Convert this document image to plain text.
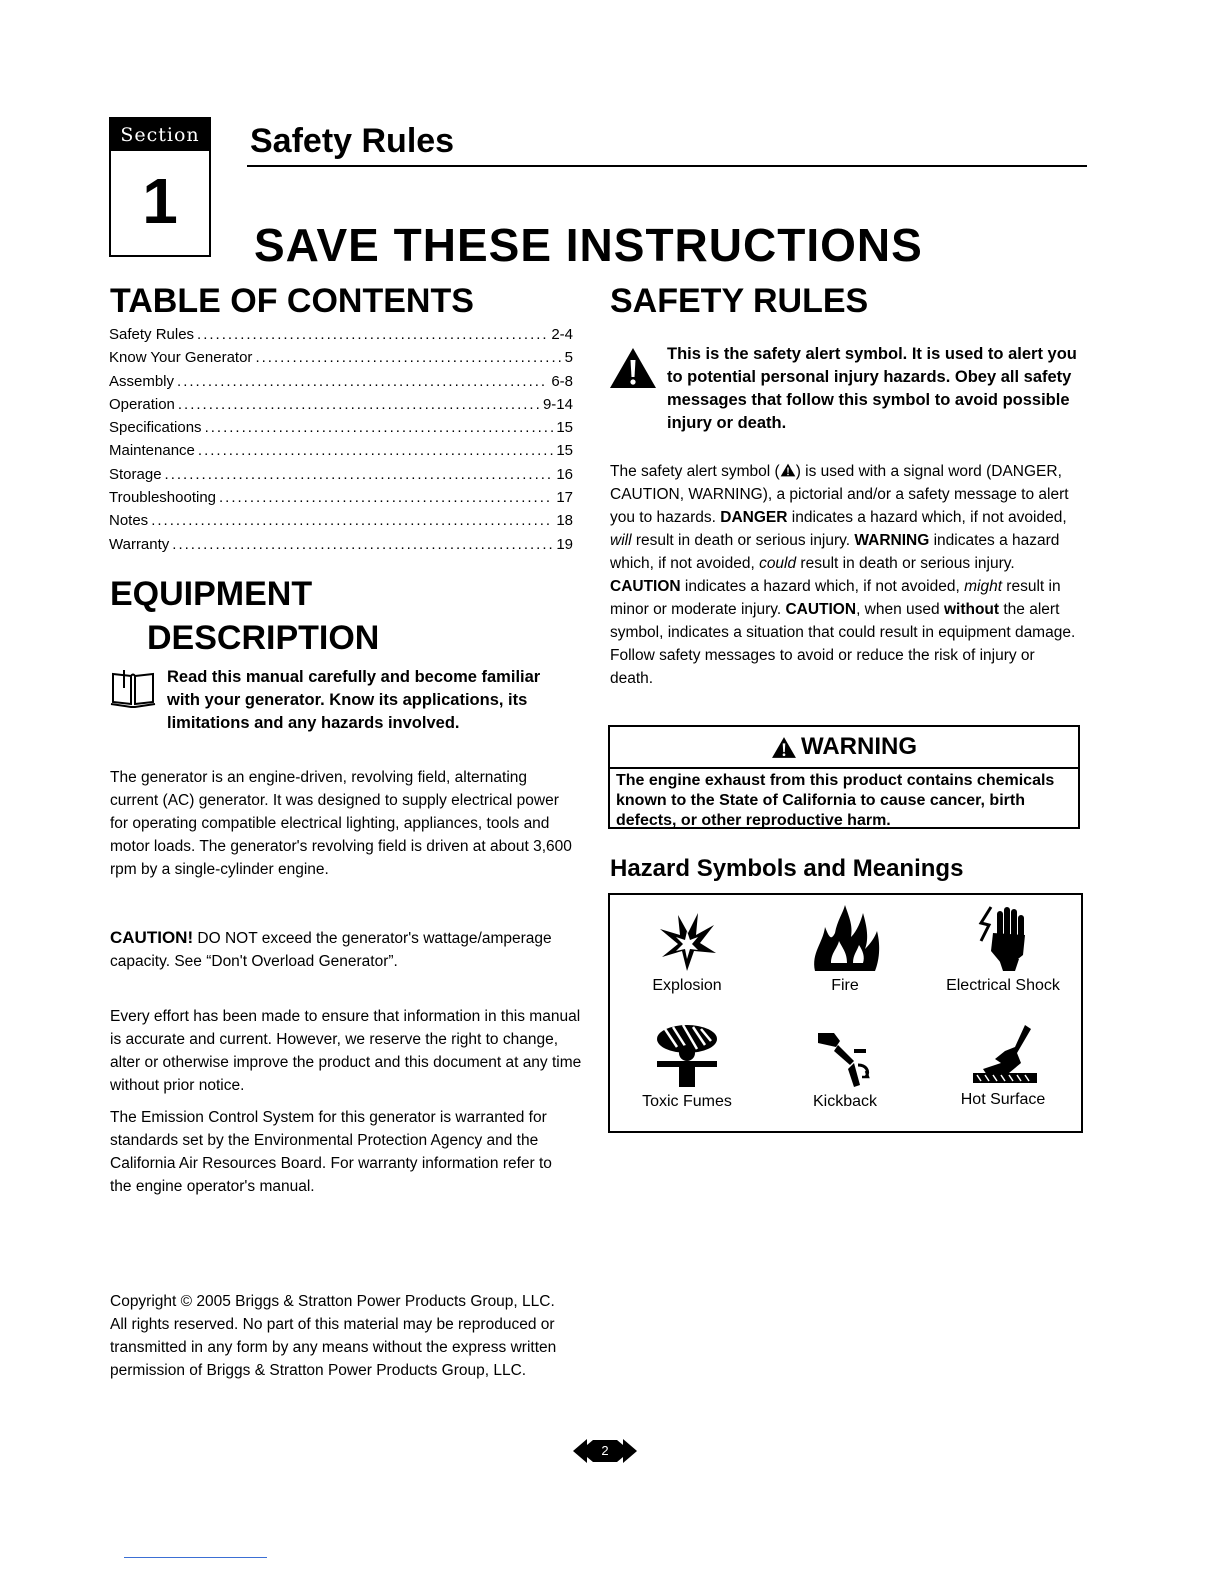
Section
1
Safety Rules
SAVE THESE INSTRUCTIONS
TABLE OF CONTENTS
Safety Rules .....	2-4
Know Your Generator .....	5
Assembly .....	6-8
Operation .....	9-14
Specifications .....	15
Maintenance .....	15
Storage .....	16
Troubleshooting .....	17
Notes .....	18
Warranty .....	19
EQUIPMENT
DESCRIPTION
Read this manual carefully and become familiar with your generator. Know its applications, its limitations and any hazards involved.
The generator is an engine-driven, revolving field, alternating current (AC) generator. It was designed to supply electrical power for operating compatible electrical lighting, appliances, tools and motor loads. The generator's revolving field is driven at about 3,600 rpm by a single-cylinder engine.
CAUTION! DO NOT exceed the generator's wattage/amperage capacity. See “Don't Overload Generator”.
Every effort has been made to ensure that information in this manual is accurate and current. However, we reserve the right to change, alter or otherwise improve the product and this document at any time without prior notice.
The Emission Control System for this generator is warranted for standards set by the Environmental Protection Agency and the California Air Resources Board. For warranty information refer to the engine operator's manual.
Copyright © 2005 Briggs & Stratton Power Products Group, LLC. All rights reserved. No part of this material may be reproduced or transmitted in any form by any means without the express written permission of Briggs & Stratton Power Products Group, LLC.
SAFETY RULES
This is the safety alert symbol. It is used to alert you to potential personal injury hazards. Obey all safety messages that follow this symbol to avoid possible injury or death.
The safety alert symbol ( ) is used with a signal word (DANGER, CAUTION, WARNING), a pictorial and/or a safety message to alert you to hazards. DANGER indicates a hazard which, if not avoided, will result in death or serious injury. WARNING indicates a hazard which, if not avoided, could result in death or serious injury. CAUTION indicates a hazard which, if not avoided, might result in minor or moderate injury. CAUTION, when used without the alert symbol, indicates a situation that could result in equipment damage. Follow safety messages to avoid or reduce the risk of injury or death.
WARNING
The engine exhaust from this product contains chemicals known to the State of California to cause cancer, birth defects, or other reproductive harm.
Hazard Symbols and Meanings
Explosion	Fire	Electrical Shock
Toxic Fumes	Kickback	Hot Surface
2
